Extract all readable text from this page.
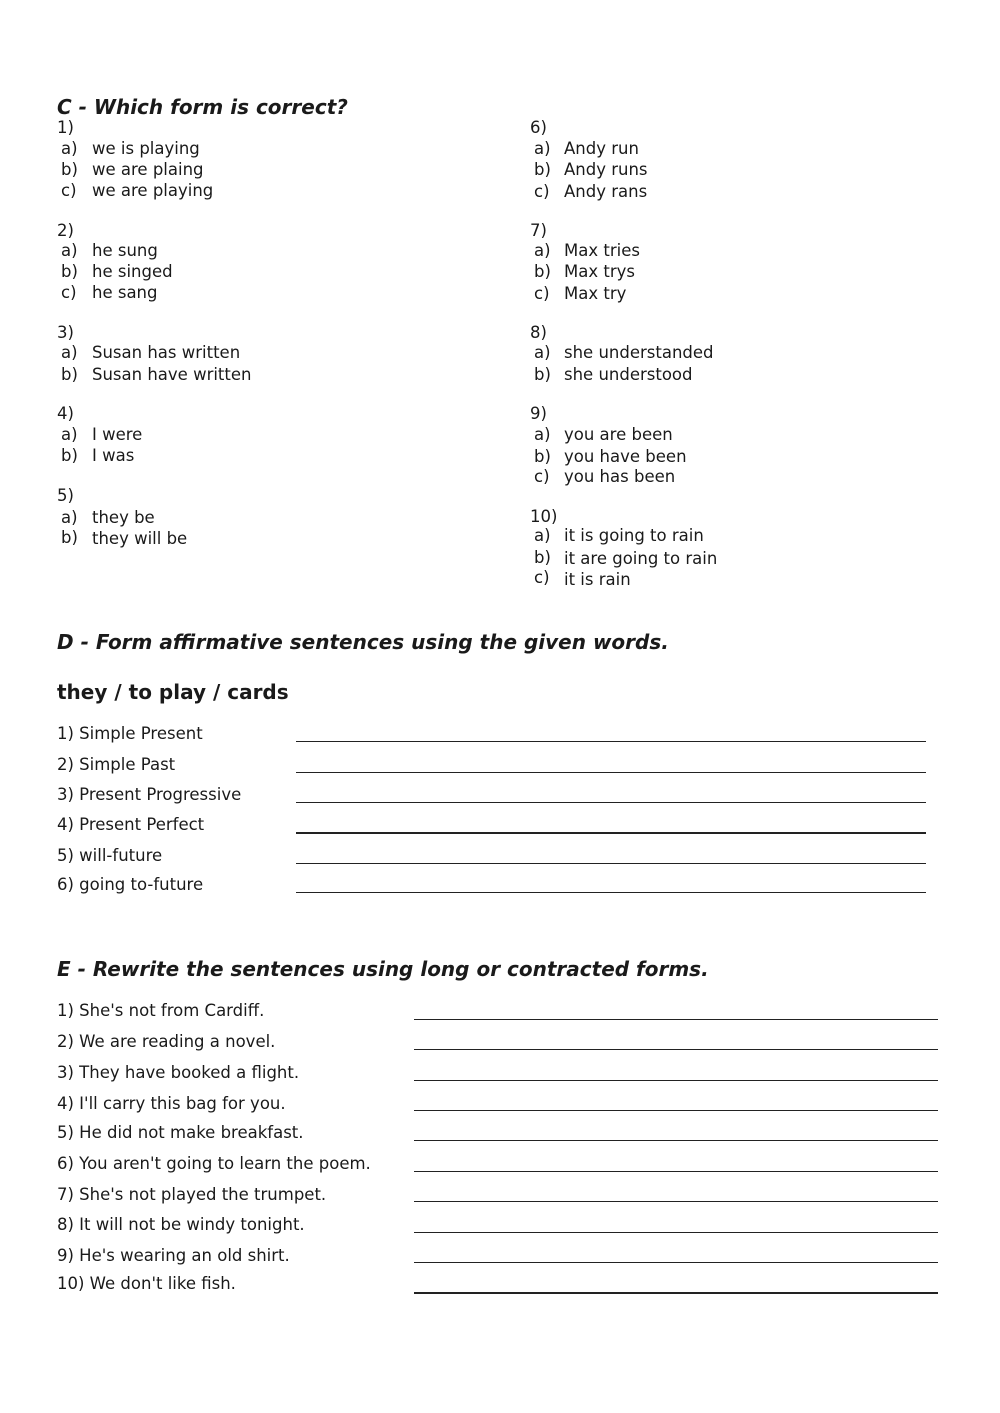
C - Which form is correct?
1)
a) we is playing
b) we are plaing
c) we are playing
2)
a) he sung
b) he singed
c) he sang
3)
a) Susan has written
b) Susan have written
4)
a) I were
b) I was
5)
a) they be
b) they will be
6)
a) Andy run
b) Andy runs
c) Andy rans
7)
a) Max tries
b) Max trys
c) Max try
8)
a) she understanded
b) she understood
9)
a) you are been
b) you have been
c) you has been
10)
a) it is going to rain
b) it are going to rain
c) it is rain
D - Form affirmative sentences using the given words.
they / to play / cards
1) Simple Present
2) Simple Past
3) Present Progressive
4) Present Perfect
5) will-future
6) going to-future
E - Rewrite the sentences using long or contracted forms.
1) She's not from Cardiff.
2) We are reading a novel.
3) They have booked a flight.
4) I'll carry this bag for you.
5) He did not make breakfast.
6) You aren't going to learn the poem.
7) She's not played the trumpet.
8) It will not be windy tonight.
9) He's wearing an old shirt.
10) We don't like fish.
